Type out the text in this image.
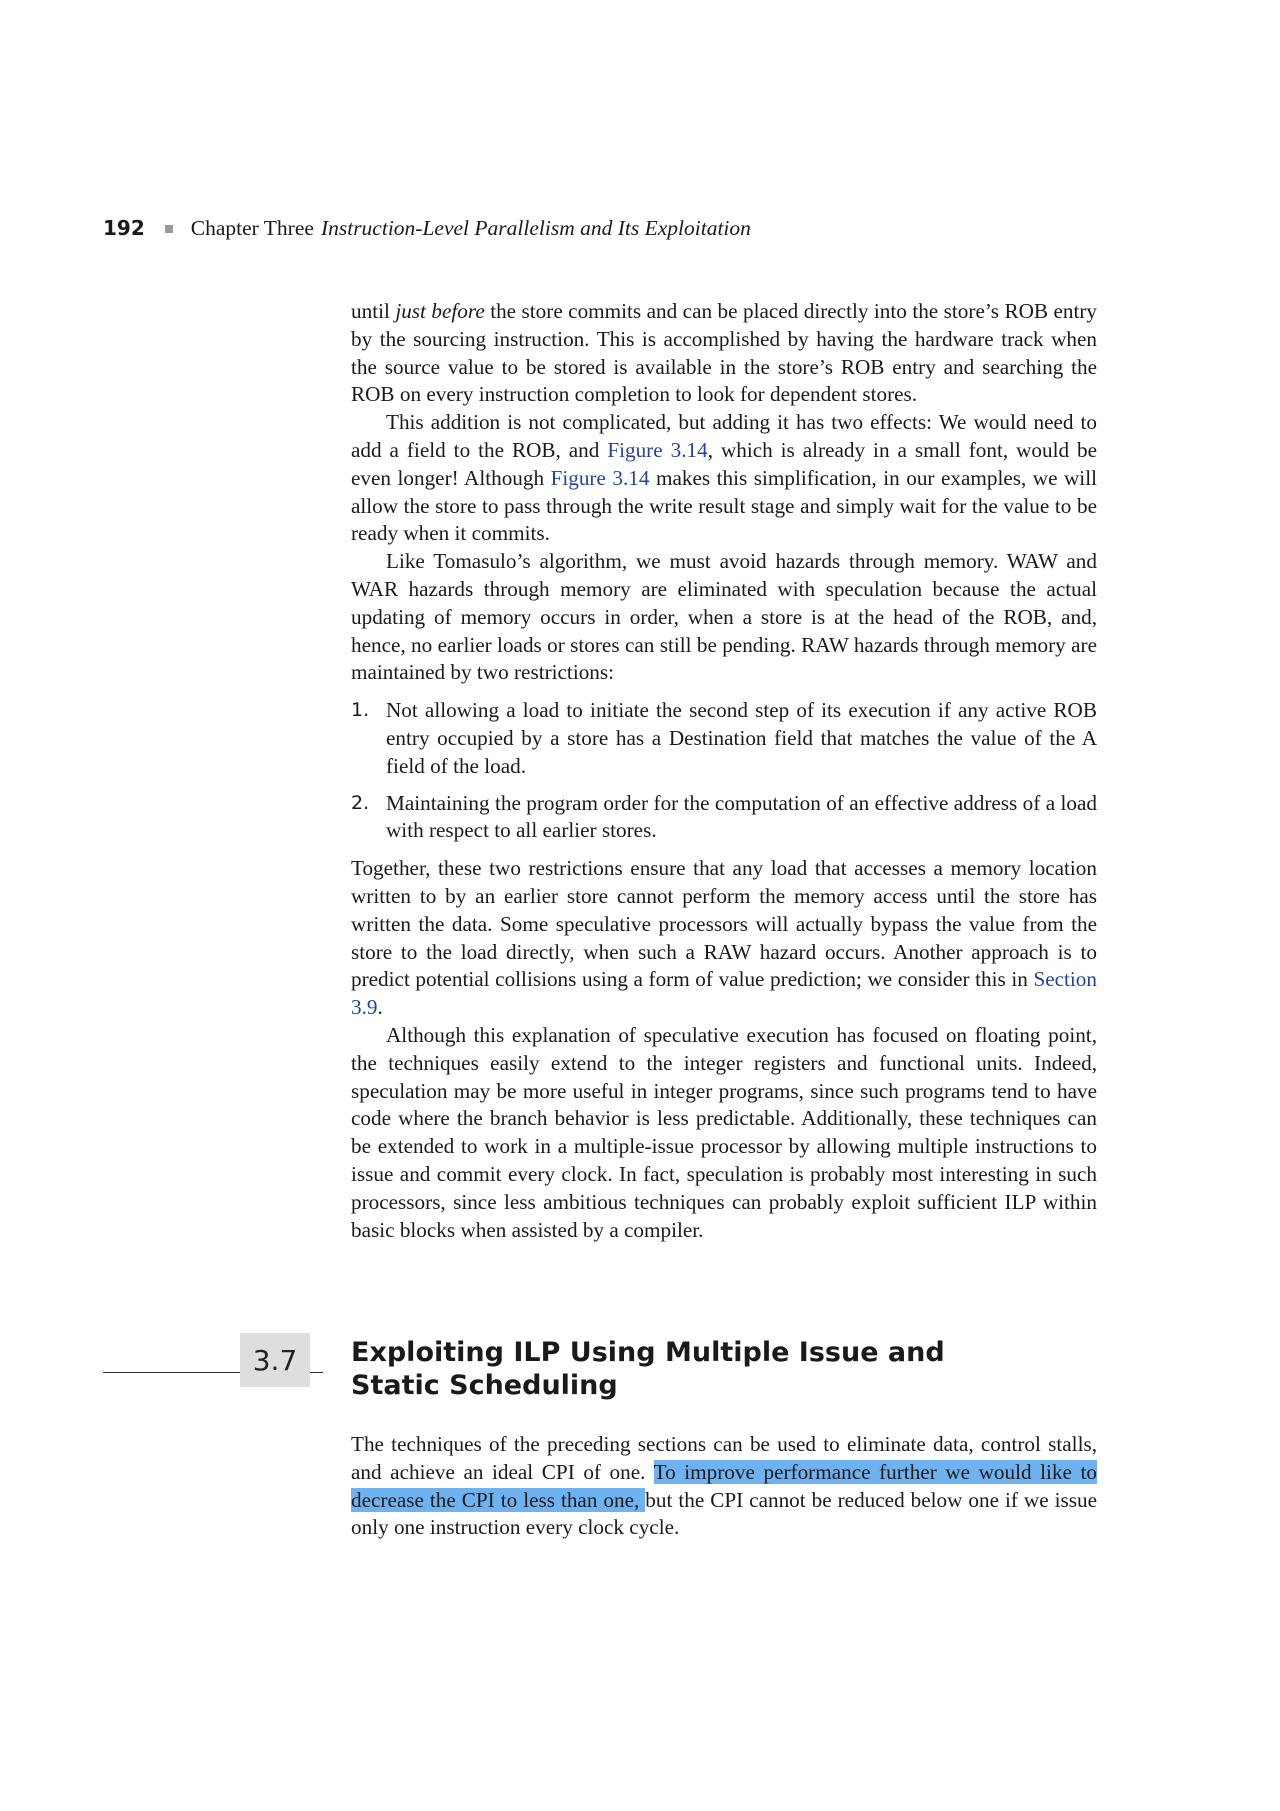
192 Chapter Three Instruction-Level Parallelism and Its Exploitation

until just before the store commits and can be placed directly into the store’s ROB entry by the sourcing instruction. This is accomplished by having the hardware track when the source value to be stored is available in the store’s ROB entry and searching the ROB on every instruction completion to look for dependent stores.

This addition is not complicated, but adding it has two effects: We would need to add a field to the ROB, and Figure 3.14, which is already in a small font, would be even longer! Although Figure 3.14 makes this simplification, in our examples, we will allow the store to pass through the write result stage and simply wait for the value to be ready when it commits.

Like Tomasulo’s algorithm, we must avoid hazards through memory. WAW and WAR hazards through memory are eliminated with speculation because the actual updating of memory occurs in order, when a store is at the head of the ROB, and, hence, no earlier loads or stores can still be pending. RAW hazards through memory are maintained by two restrictions:

1. Not allowing a load to initiate the second step of its execution if any active ROB entry occupied by a store has a Destination field that matches the value of the A field of the load.
2. Maintaining the program order for the computation of an effective address of a load with respect to all earlier stores.

Together, these two restrictions ensure that any load that accesses a memory location written to by an earlier store cannot perform the memory access until the store has written the data. Some speculative processors will actually bypass the value from the store to the load directly, when such a RAW hazard occurs. Another approach is to predict potential collisions using a form of value prediction; we consider this in Section 3.9.

Although this explanation of speculative execution has focused on floating point, the techniques easily extend to the integer registers and functional units. Indeed, speculation may be more useful in integer programs, since such programs tend to have code where the branch behavior is less predictable. Additionally, these techniques can be extended to work in a multiple-issue processor by allowing multiple instructions to issue and commit every clock. In fact, speculation is probably most interesting in such processors, since less ambitious techniques can probably exploit sufficient ILP within basic blocks when assisted by a compiler.

3.7	Exploiting ILP Using Multiple Issue and Static Scheduling

The techniques of the preceding sections can be used to eliminate data, control stalls, and achieve an ideal CPI of one. To improve performance further we would like to decrease the CPI to less than one, but the CPI cannot be reduced below one if we issue only one instruction every clock cycle.
